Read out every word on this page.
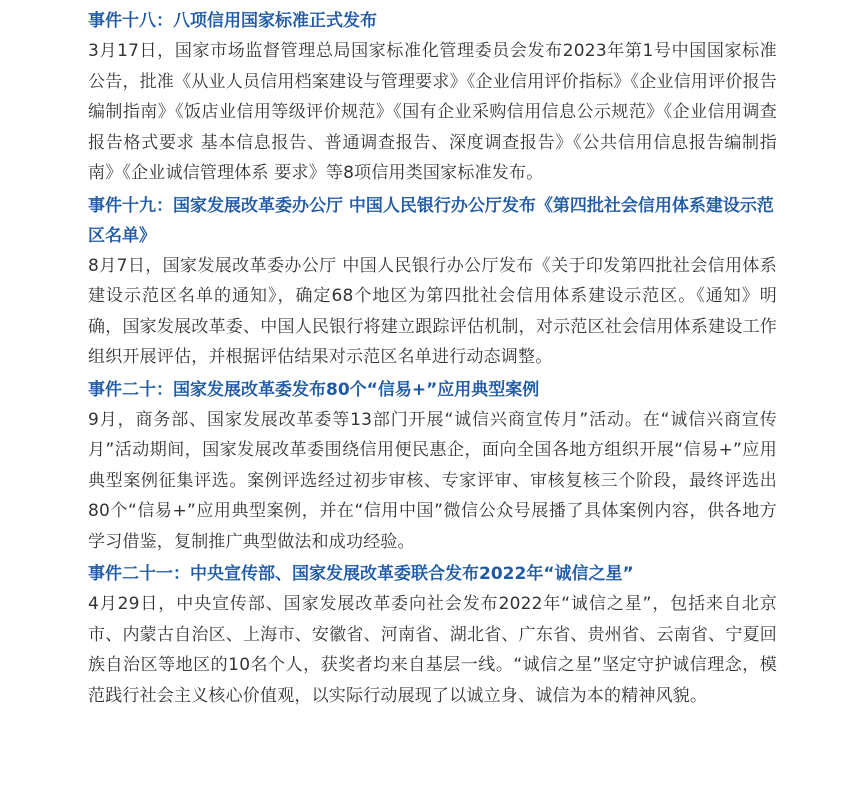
事件十八：八项信用国家标准正式发布

3月17日，国家市场监督管理总局国家标准化管理委员会发布2023年第1号中国国家标准公告，批准《从业人员信用档案建设与管理要求》《企业信用评价指标》《企业信用评价报告编制指南》《饭店业信用等级评价规范》《国有企业采购信用信息公示规范》《企业信用调查报告格式要求 基本信息报告、普通调查报告、深度调查报告》《公共信用信息报告编制指南》《企业诚信管理体系 要求》等8项信用类国家标准发布。

事件十九：国家发展改革委办公厅 中国人民银行办公厅发布《第四批社会信用体系建设示范区名单》

8月7日，国家发展改革委办公厅 中国人民银行办公厅发布《关于印发第四批社会信用体系建设示范区名单的通知》，确定68个地区为第四批社会信用体系建设示范区。《通知》明确，国家发展改革委、中国人民银行将建立跟踪评估机制，对示范区社会信用体系建设工作组织开展评估，并根据评估结果对示范区名单进行动态调整。

事件二十：国家发展改革委发布80个“信易+”应用典型案例

9月，商务部、国家发展改革委等13部门开展“诚信兴商宣传月”活动。在“诚信兴商宣传月”活动期间，国家发展改革委围绕信用便民惠企，面向全国各地方组织开展“信易+”应用典型案例征集评选。案例评选经过初步审核、专家评审、审核复核三个阶段，最终评选出80个“信易+”应用典型案例，并在“信用中国”微信公众号展播了具体案例内容，供各地方学习借鉴，复制推广典型做法和成功经验。

事件二十一：中央宣传部、国家发展改革委联合发布2022年“诚信之星”

4月29日，中央宣传部、国家发展改革委向社会发布2022年“诚信之星”，包括来自北京市、内蒙古自治区、上海市、安徽省、河南省、湖北省、广东省、贵州省、云南省、宁夏回族自治区等地区的10名个人，获奖者均来自基层一线。“诚信之星”坚定守护诚信理念，模范践行社会主义核心价值观，以实际行动展现了以诚立身、诚信为本的精神风貌。
